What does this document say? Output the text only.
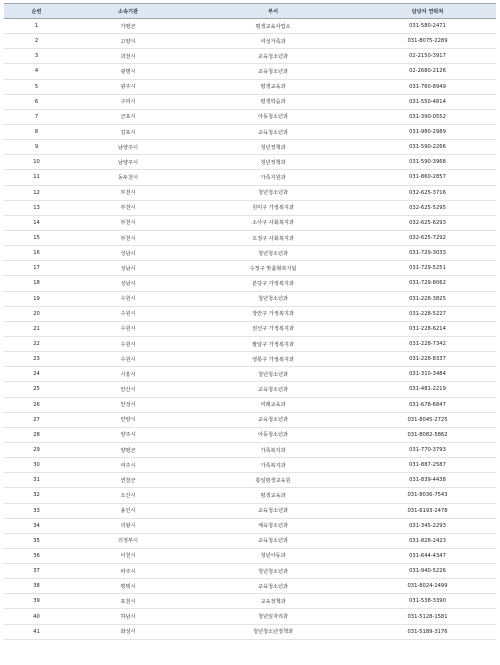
순번	소속기관	부서	담당자 연락처
1	가평군	평생교육사업소	031-580-2471
2	고양시	여성가족과	031-8075-2289
3	과천시	교육청소년과	02-2150-3917
4	광명시	교육청소년과	02-2680-2126
5	광주시	평생교육과	031-760-8949
6	구리시	평생학습과	031-550-4814
7	군포시	아동청소년과	031-390-0552
8	김포시	교육청소년과	031-980-2989
9	남양주시	청년정책과	031-590-2266
10	남양주시	청년정책과	031-590-3968
11	동두천시	가족지원과	031-860-2857
12	부천시	청년청소년과	032-625-3716
13	부천시	원미구 가정복지과	032-625-5295
14	부천시	소사구 사회복지과	032-625-6293
15	부천시	오정구 사회복지과	032-625-7292
16	성남시	청년청소년과	031-729-3033
17	성남시	수정구 맞춤형복지팀	031-729-5251
18	성남시	분당구 가정복지과	031-729-8062
19	수원시	청년청소년과	031-228-3825
20	수원시	장안구 가정복지과	031-228-5227
21	수원시	권선구 가정복지과	031-228-6214
22	수원시	팔달구 가정복지과	031-228-7342
23	수원시	영통구 가정복지과	031-228-8337
24	시흥시	청년청소년과	031-310-3484
25	안산시	교육청소년과	031-481-2219
26	안성시	미래교육과	031-678-6847
27	안양시	교육청소년과	031-8045-2725
28	양주시	아동청소년과	031-8082-5862
29	양평군	가족복지과	031-770-3793
30	여주시	가족복지과	031-887-2587
31	연천군	통일평생교육원	031-839-4438
32	오산시	평생교육과	031-8036-7543
33	용인시	교육청소년과	031-6193-2478
34	의왕시	체육청소년과	031-345-2293
35	의정부시	교육청소년과	031-828-2423
36	이천시	청년아동과	031-644-4347
37	파주시	청년청소년과	031-940-5226
38	평택시	교육청소년과	031-8024-2499
39	포천시	교육정책과	031-538-3390
40	하남시	청년일자리과	031-5128-1581
41	화성시	청년청소년정책과	031-5189-3176
